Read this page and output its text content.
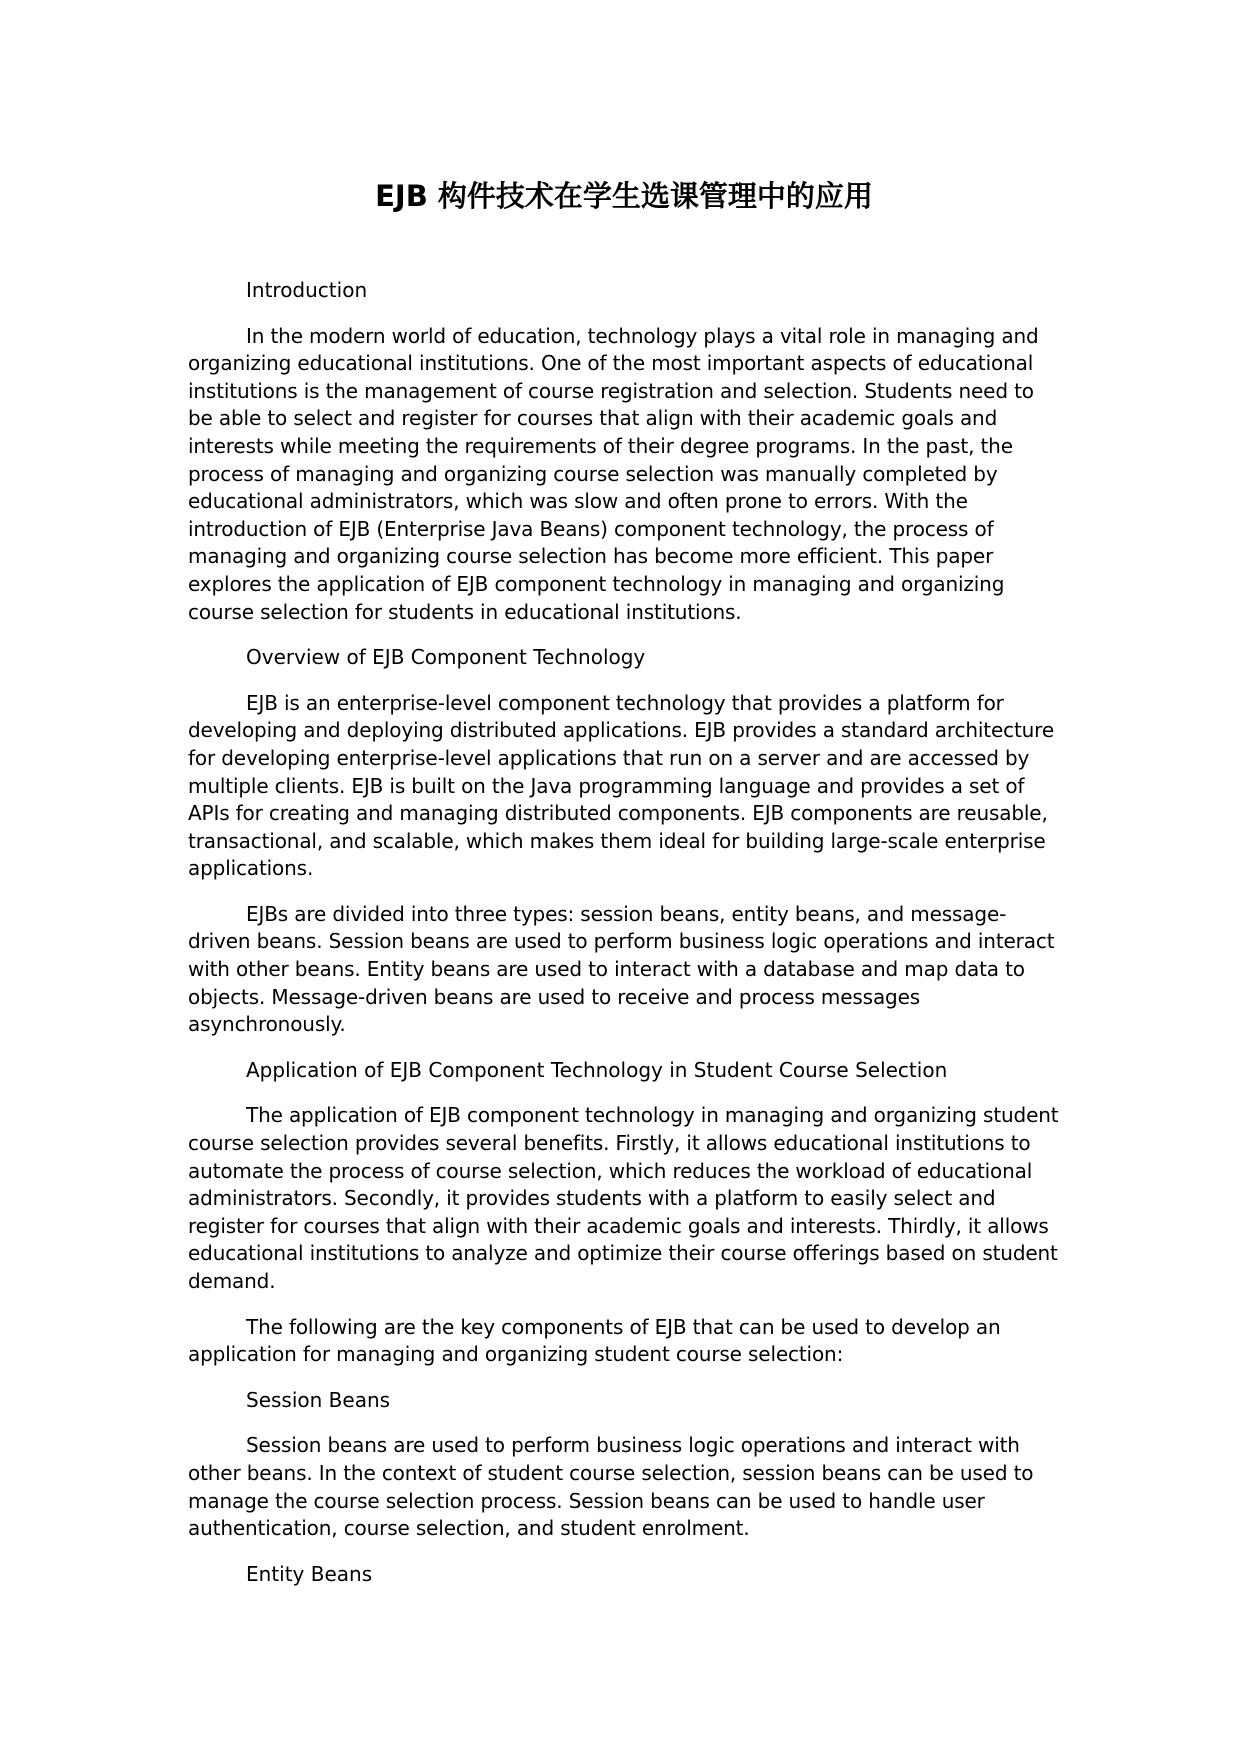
EJB 构件技术在学生选课管理中的应用

Introduction

In the modern world of education, technology plays a vital role in managing and organizing educational institutions. One of the most important aspects of educational institutions is the management of course registration and selection. Students need to be able to select and register for courses that align with their academic goals and interests while meeting the requirements of their degree programs. In the past, the process of managing and organizing course selection was manually completed by educational administrators, which was slow and often prone to errors. With the introduction of EJB (Enterprise Java Beans) component technology, the process of managing and organizing course selection has become more efficient. This paper explores the application of EJB component technology in managing and organizing course selection for students in educational institutions.

Overview of EJB Component Technology

EJB is an enterprise-level component technology that provides a platform for developing and deploying distributed applications. EJB provides a standard architecture for developing enterprise-level applications that run on a server and are accessed by multiple clients. EJB is built on the Java programming language and provides a set of APIs for creating and managing distributed components. EJB components are reusable, transactional, and scalable, which makes them ideal for building large-scale enterprise applications.

EJBs are divided into three types: session beans, entity beans, and message-driven beans. Session beans are used to perform business logic operations and interact with other beans. Entity beans are used to interact with a database and map data to objects. Message-driven beans are used to receive and process messages asynchronously.

Application of EJB Component Technology in Student Course Selection

The application of EJB component technology in managing and organizing student course selection provides several benefits. Firstly, it allows educational institutions to automate the process of course selection, which reduces the workload of educational administrators. Secondly, it provides students with a platform to easily select and register for courses that align with their academic goals and interests. Thirdly, it allows educational institutions to analyze and optimize their course offerings based on student demand.

The following are the key components of EJB that can be used to develop an application for managing and organizing student course selection:

Session Beans

Session beans are used to perform business logic operations and interact with other beans. In the context of student course selection, session beans can be used to manage the course selection process. Session beans can be used to handle user authentication, course selection, and student enrolment.

Entity Beans
